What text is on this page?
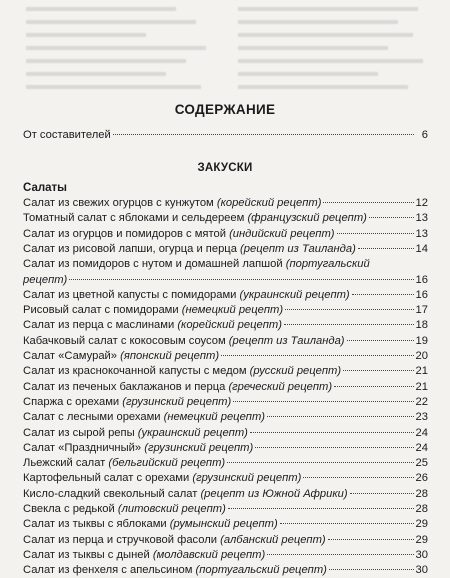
СОДЕРЖАНИЕ
От составителей	6
ЗАКУСКИ
Салаты
Салат из свежих огурцов с кунжутом (корейский рецепт)	12
Томатный салат с яблоками и сельдереем (французский рецепт)	13
Салат из огурцов и помидоров с мятой (индийский рецепт)	13
Салат из рисовой лапши, огурца и перца (рецепт из Таиланда)	14
Салат из помидоров с нутом и домашней лапшой (португальский
рецепт)	16
Салат из цветной капусты с помидорами (украинский рецепт)	16
Рисовый салат с помидорами (немецкий рецепт)	17
Салат из перца с маслинами (корейский рецепт)	18
Кабачковый салат с кокосовым соусом (рецепт из Таиланда)	19
Салат «Самурай» (японский рецепт)	20
Салат из краснокочанной капусты с медом (русский рецепт)	21
Салат из печеных баклажанов и перца (греческий рецепт)	21
Спаржа с орехами (грузинский рецепт)	22
Салат с лесными орехами (немецкий рецепт)	23
Салат из сырой репы (украинский рецепт)	24
Салат «Праздничный» (грузинский рецепт)	24
Льежский салат (бельгийский рецепт)	25
Картофельный салат с орехами (грузинский рецепт)	26
Кисло-сладкий свекольный салат (рецепт из Южной Африки)	28
Свекла с редькой (литовский рецепт)	28
Салат из тыквы с яблоками (румынский рецепт)	29
Салат из перца и стручковой фасоли (албанский рецепт)	29
Салат из тыквы с дыней (молдавский рецепт)	30
Салат из фенхеля с апельсином (португальский рецепт)	30
